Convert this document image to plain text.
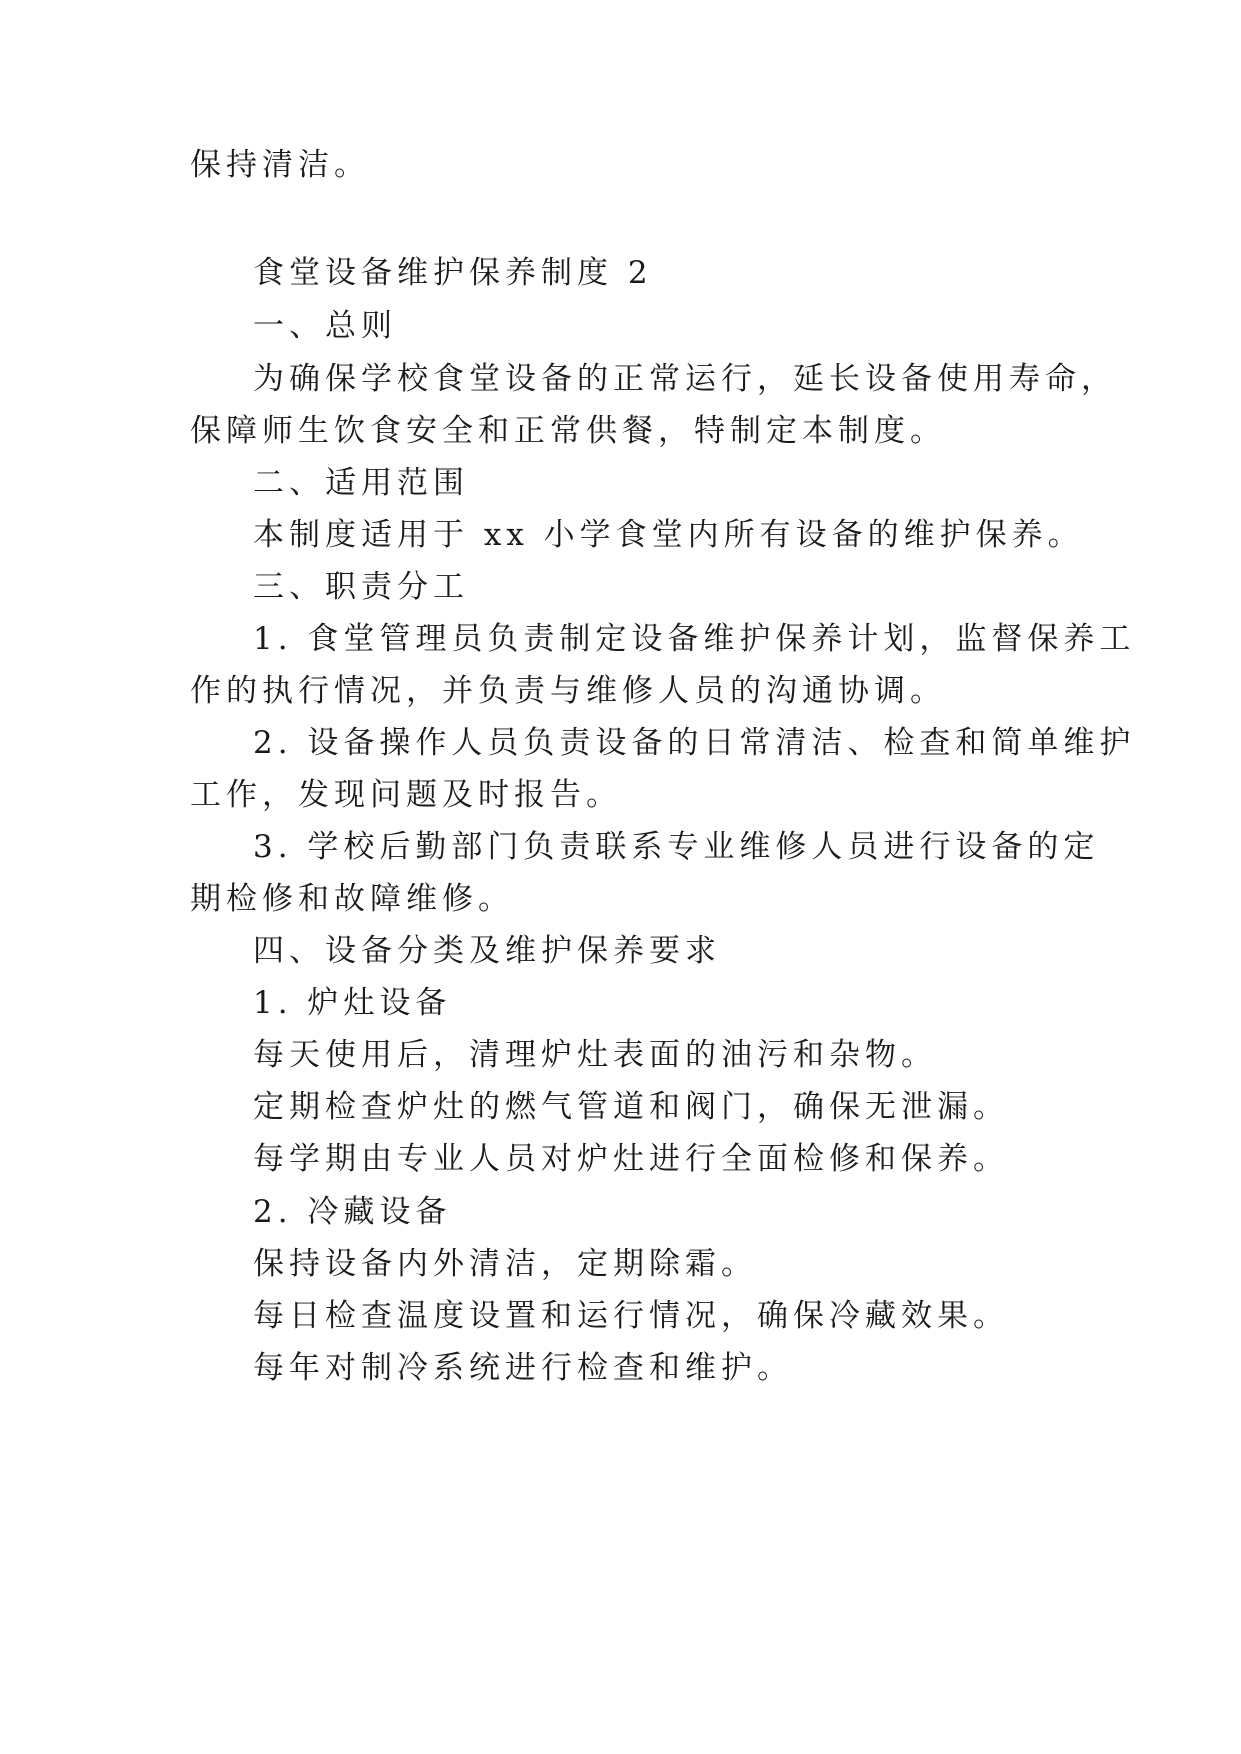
保持清洁。
食堂设备维护保养制度 2
一、总则
为确保学校食堂设备的正常运行，延长设备使用寿命，
保障师生饮食安全和正常供餐，特制定本制度。
二、适用范围
本制度适用于 xx 小学食堂内所有设备的维护保养。
三、职责分工
1. 食堂管理员负责制定设备维护保养计划，监督保养工
作的执行情况，并负责与维修人员的沟通协调。
2. 设备操作人员负责设备的日常清洁、检查和简单维护
工作，发现问题及时报告。
3. 学校后勤部门负责联系专业维修人员进行设备的定
期检修和故障维修。
四、设备分类及维护保养要求
1. 炉灶设备
每天使用后，清理炉灶表面的油污和杂物。
定期检查炉灶的燃气管道和阀门，确保无泄漏。
每学期由专业人员对炉灶进行全面检修和保养。
2. 冷藏设备
保持设备内外清洁，定期除霜。
每日检查温度设置和运行情况，确保冷藏效果。
每年对制冷系统进行检查和维护。
